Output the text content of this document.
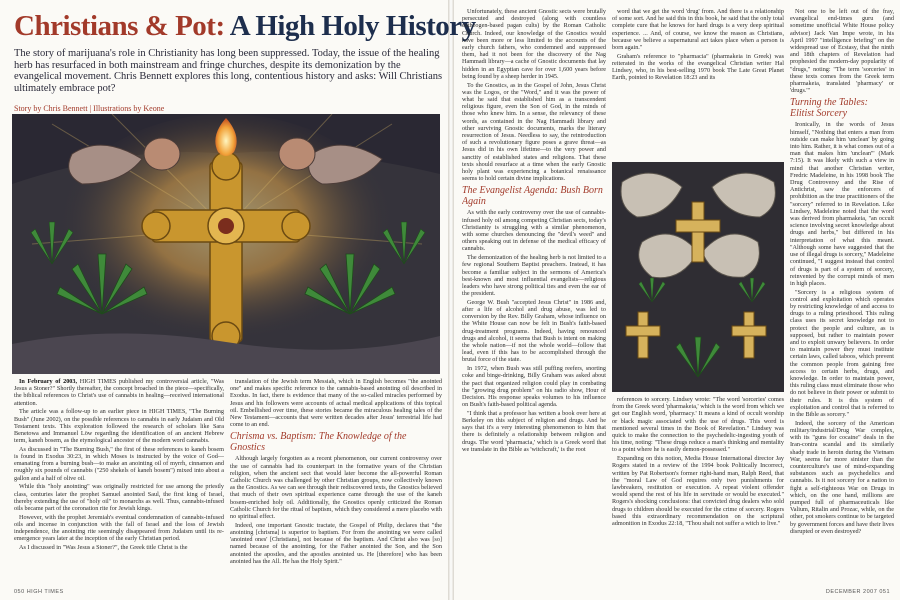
Christians & Pot: A High Holy History

The story of marijuana's role in Christianity has long been suppressed. Today, the issue of the healing herb has resurfaced in both mainstream and fringe churches, despite its demonization by the evangelical movement. Chris Bennett explores this long, contentious history and asks: Will Christians ultimately embrace pot?

Story by Chris Bennett | Illustrations by Keone

In February of 2003, HIGH TIMES published my controversial article, "Was Jesus a Stoner?" Shortly thereafter, the concept broached in the piece—specifically, the biblical references to Christ's use of cannabis in healing—received international attention.

The article was a follow-up to an earlier piece in HIGH TIMES, "The Burning Bush" (June 2002), on the possible references to cannabis in early Judaism and Old Testament texts. This exploration followed the research of scholars like Sara Benetowa and Immanuel Löw regarding the identification of an ancient Hebrew term, kaneh bosem, as the etymological ancestor of the modern word cannabis.

As discussed in "The Burning Bush," the first of these references to kaneh bosem is found in Exodus 30:23, in which Moses is instructed by the voice of God—emanating from a burning bush—to make an anointing oil of myrrh, cinnamon and roughly six pounds of cannabis ("250 shekels of kaneh bosem") mixed into about a gallon and a half of olive oil.

While this "holy anointing" was originally restricted for use among the priestly class, centuries later the prophet Samuel anointed Saul, the first king of Israel, thereby extending the use of "holy oil" to monarchs as well. Thus, cannabis-infused oils became part of the coronation rite for Jewish kings.

However, with the prophet Jeremiah's eventual condemnation of cannabis-infused oils and incense in conjunction with the fall of Israel and the loss of Jewish independence, the anointing rite seemingly disappeared from Judaism until its re-emergence years later at the inception of the early Christian period.

As I discussed in "Was Jesus a Stoner?", the Greek title Christ is the

translation of the Jewish term Messiah, which in English becomes "the anointed one" and makes specific reference to the cannabis-based anointing oil described in Exodus. In fact, there is evidence that many of the so-called miracles performed by Jesus and his followers were accounts of actual medical applications of this topical oil. Embellished over time, these stories became the miraculous healing tales of the New Testament—accounts that were written decades after Jesus' terrestrial life had come to an end.

Chrisma vs. Baptism: The Knowledge of the Gnostics

Although largely forgotten as a recent phenomenon, our current controversy over the use of cannabis had its counterpart in the formative years of the Christian religion, when the ancient sect that would later become the all-powerful Roman Catholic Church was challenged by other Christian groups, now collectively known as the Gnostics. As we can see through their rediscovered texts, the Gnostics believed that much of their own spiritual experience came through the use of the kaneh bosem-enriched holy oil. Additionally, the Gnostics openly criticized the Roman Catholic Church for the ritual of baptism, which they considered a mere placebo with no spiritual effect.

Indeed, one important Gnostic tractate, the Gospel of Philip, declares that "the anointing [chrisma] is superior to baptism. For from the anointing we were called 'anointed ones' [Christians], not because of the baptism. And Christ also was [so] named because of the anointing, for the Father anointed the Son, and the Son anointed the apostles, and the apostles anointed us. He [therefore] who has been anointed has the All. He has the Holy Spirit."

Unfortunately, these ancient Gnostic sects were brutally persecuted and destroyed (along with countless entheogen-based pagan cults) by the Roman Catholic Church. Indeed, our knowledge of the Gnostics would have been more or less limited to the accounts of the early church fathers, who condemned and suppressed them, had it not been for the discovery of the Nag Hammadi library—a cache of Gnostic documents that lay hidden in an Egyptian cave for over 1,600 years before being found by a sheep herder in 1945.

To the Gnostics, as in the Gospel of John, Jesus Christ was the Logos, or the "Word," and it was the power of what he said that established him as a transcendent religious figure, even the Son of God, in the minds of those who knew him. In a sense, the relevancy of these words, as contained in the Nag Hammadi library and other surviving Gnostic documents, marks the literary resurrection of Jesus. Needless to say, the reintroduction of such a revolutionary figure poses a grave threat—as Jesus did in his own lifetime—to the very power and sanctity of established states and religions. That these texts should resurface at a time when the early Gnostic holy plant was experiencing a botanical renaissance seems to hold certain divine implications.

The Evangelist Agenda: Bush Born Again

As with the early controversy over the use of cannabis-infused holy oil among competing Christian sects, today's Christianity is struggling with a similar phenomenon, with some churches denouncing the "devil's weed" and others speaking out in defense of the medical efficacy of cannabis.

The demonization of the healing herb is not limited to a few regional Southern Baptist preachers. Instead, it has become a familiar subject in the sermons of America's best-known and most influential evangelists—religious leaders who have strong political ties and even the ear of the president.

George W. Bush "accepted Jesus Christ" in 1986 and, after a life of alcohol and drug abuse, was led to conversion by the Rev. Billy Graham, whose influence on the White House can now be felt in Bush's faith-based drug-treatment programs. Indeed, having renounced drugs and alcohol, it seems that Bush is intent on making the whole nation—if not the whole world—follow that lead, even if this has to be accomplished through the brutal force of the state.

In 1972, when Bush was still puffing reefers, snorting coke and binge-drinking, Billy Graham was asked about the pact that organized religion could play in combating the "growing drug problem" on his radio show, Hour of Decision. His response speaks volumes to his influence on Bush's faith-based political agenda.

"I think that a professor has written a book over here at Berkeley on this subject of religion and drugs. And he says that it's a very interesting phenomenon to him that there is definitely a relationship between religion and drugs. The word 'pharmacia,' which is a Greek word that we translate in the Bible as 'witchcraft,' is the root

word that we get the word 'drug' from. And there is a relationship of some sort. And he said this in this book, he said that the only total complete cure that he knows for hard drugs is a very deep spiritual experience. ... And, of course, we know the reason as Christians, because we believe a supernatural act takes place when a person is born again."

Graham's reference to "pharmacia" (pharmakeia in Greek) was reiterated in the works of the evangelical Christian writer Hal Lindsey, who, in his best-selling 1970 book The Late Great Planet Earth, pointed to Revelation 18:23 and its

references to sorcery. Lindsey wrote: "The word 'sorceries' comes from the Greek word 'pharmakeia,' which is the word from which we get our English word, 'pharmacy.' It means a kind of occult worship or black magic associated with the use of drugs. This word is mentioned several times in the Book of Revelation." Lindsey was quick to make the connection to the psychedelic-ingesting youth of his time, noting: "These drugs reduce a man's thinking and mentality to a point where he is easily demon-possessed."

Expanding on this notion, Media House International director Jay Rogers stated in a review of the 1994 book Politically Incorrect, written by Pat Robertson's former right-hand man, Ralph Reed, that the "moral Law of God requires only two punishments for lawbreakers, restitution or execution. A repeat violent offender would spend the rest of his life in servitude or would be executed." Rogers's shocking conclusions: that convicted drug dealers who sold drugs to children should be executed for the crime of sorcery. Rogers based this extraordinary recommendation on the scriptural admonition in Exodus 22:18, "Thou shalt not suffer a witch to live."

Not one to be left out of the fray, evangelical end-times guru (and sometime unofficial White House policy advisor) Jack Van Impe wrote, in his April 1997 "intelligence briefing" on the widespread use of Ecstasy, that the ninth and 18th chapters of Revelation had prophesied the modern-day popularity of "drugs," noting: "The term 'sorceries' in these texts comes from the Greek term pharmakeia, translated 'pharmacy' or 'drugs.'"

Turning the Tables: Elitist Sorcery

Ironically, in the words of Jesus himself, "Nothing that enters a man from outside can make him 'unclean' by going into him. Rather, it is what comes out of a man that makes him 'unclean'" (Mark 7:15). It was likely with such a view in mind that another Christian writer, Fredric Madeleine, in his 1998 book The Drug Controversy and the Rise of Antichrist, saw the enforcers of prohibition as the true practitioners of the "sorcery" referred to in Revelation. Like Lindsey, Madeleine noted that the word was derived from pharmakeia, "an occult science involving secret knowledge about drugs and herbs," but differed in his interpretation of what this meant. "Although some have suggested that the use of illegal drugs is sorcery," Madeleine continued, "I suggest instead that control of drugs is part of a system of sorcery, reinvented by the corrupt minds of men in high places.

"Sorcery is a religious system of control and exploitation which operates by restricting knowledge of and access to drugs to a ruling priesthood. This ruling class uses its secret knowledge not to protect the people and culture, as is supposed, but rather to maintain power and to exploit unwary believers. In order to maintain power they must institute certain laws, called taboos, which prevent the common people from gaining free access to certain herbs, drugs, and knowledge. In order to maintain power, this ruling class must eliminate those who do not believe in their power or submit to their rules. It is this system of exploitation and control that is referred to in the Bible as sorcery."

Indeed, the sorcery of the American military/industrial/Drug War complex, with its "guns for cocaine" deals in the Iran-contra scandal and its similarly shady trade in heroin during the Vietnam War, seems far more sinister than the counterculture's use of mind-expanding substances such as psychedelics and cannabis. Is it not sorcery for a nation to fight a self-righteous War on Drugs in which, on the one hand, millions are pumped full of pharmaceuticals like Valium, Ritalin and Prozac, while, on the other, pot smokers continue to be targeted by government forces and have their lives disrupted or even destroyed?

050 HIGH TIMES	DECEMBER 2007 051
